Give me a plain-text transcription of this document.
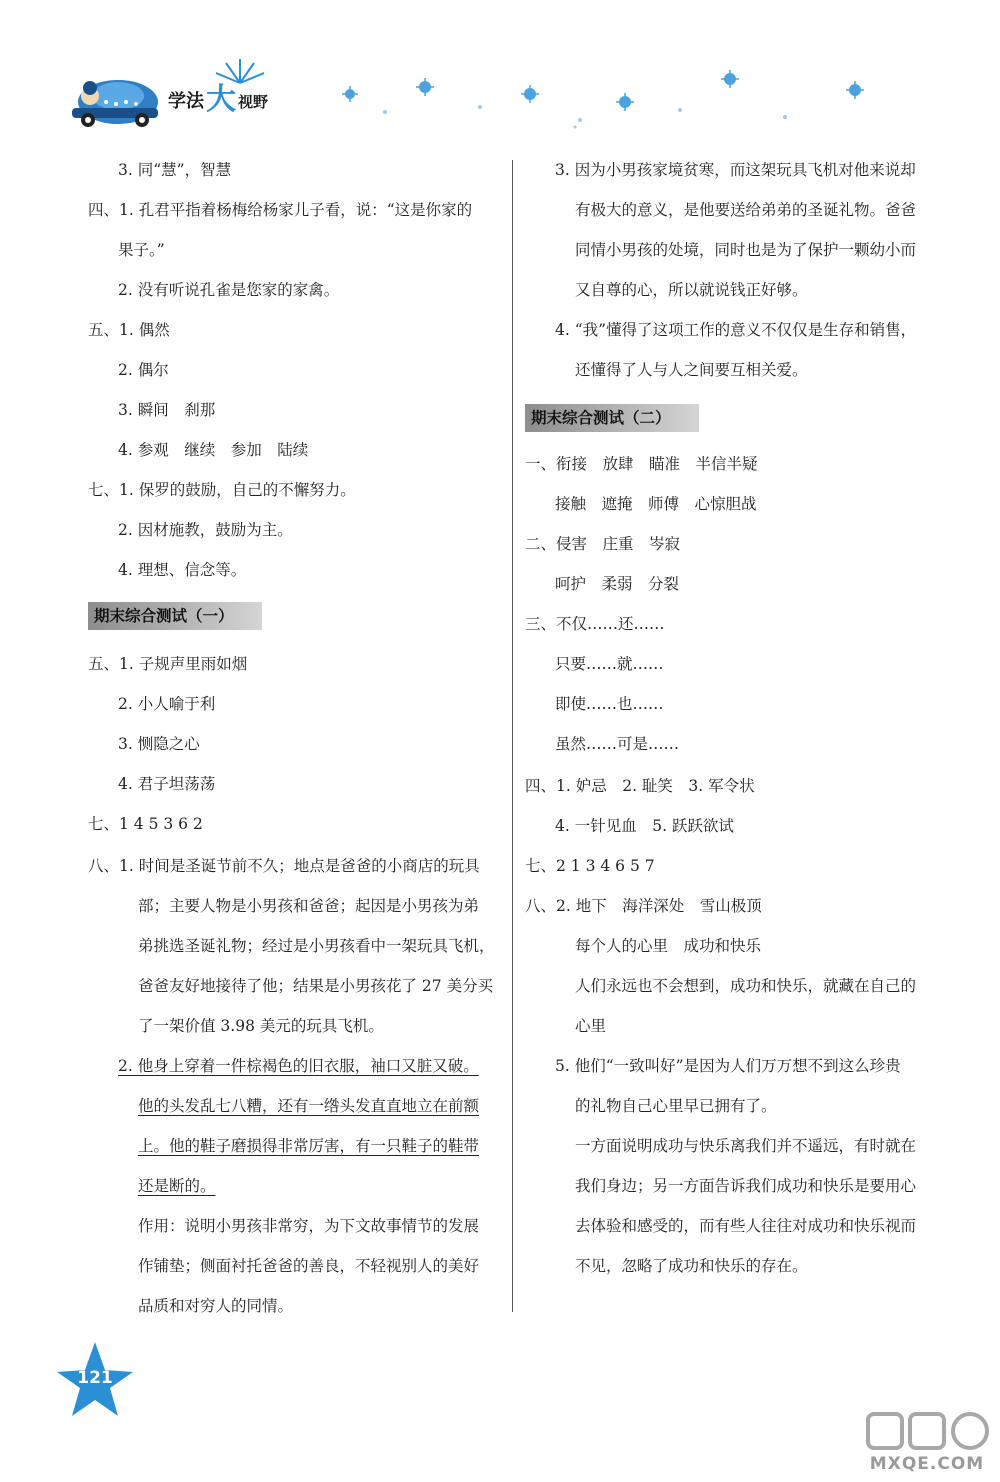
学法大 视野
3. 同“慧”，智慧
四、1. 孔君平指着杨梅给杨家儿子看，说：“这是你家的
果子。”
2. 没有听说孔雀是您家的家禽。
五、1. 偶然
2. 偶尔
3. 瞬间　刹那
4. 参观　继续　参加　陆续
七、1. 保罗的鼓励，自己的不懈努力。
2. 因材施教，鼓励为主。
4. 理想、信念等。
期末综合测试（一）
五、1. 子规声里雨如烟
2. 小人喻于利
3. 恻隐之心
4. 君子坦荡荡
七、1 4 5 3 6 2
八、1. 时间是圣诞节前不久；地点是爸爸的小商店的玩具
部；主要人物是小男孩和爸爸；起因是小男孩为弟
弟挑选圣诞礼物；经过是小男孩看中一架玩具飞机，
爸爸友好地接待了他；结果是小男孩花了 27 美分买
了一架价值 3.98 美元的玩具飞机。
2. 他身上穿着一件棕褐色的旧衣服，袖口又脏又破。
他的头发乱七八糟，还有一绺头发直直地立在前额
上。他的鞋子磨损得非常厉害，有一只鞋子的鞋带
还是断的。
作用：说明小男孩非常穷，为下文故事情节的发展
作铺垫；侧面衬托爸爸的善良，不轻视别人的美好
品质和对穷人的同情。
3. 因为小男孩家境贫寒，而这架玩具飞机对他来说却
有极大的意义，是他要送给弟弟的圣诞礼物。爸爸
同情小男孩的处境，同时也是为了保护一颗幼小而
又自尊的心，所以就说钱正好够。
4. “我”懂得了这项工作的意义不仅仅是生存和销售，
还懂得了人与人之间要互相关爱。
期末综合测试（二）
一、衔接　放肆　瞄准　半信半疑
接触　遮掩　师傅　心惊胆战
二、侵害　庄重　岑寂
呵护　柔弱　分裂
三、不仅……还……
只要……就……
即使……也……
虽然……可是……
四、1. 妒忌　2. 耻笑　3. 军令状
4. 一针见血　5. 跃跃欲试
七、2 1 3 4 6 5 7
八、2. 地下　海洋深处　雪山极顶
每个人的心里　成功和快乐
人们永远也不会想到，成功和快乐，就藏在自己的
心里
5. 他们“一致叫好”是因为人们万万想不到这么珍贵
的礼物自己心里早已拥有了。
一方面说明成功与快乐离我们并不遥远，有时就在
我们身边；另一方面告诉我们成功和快乐是要用心
去体验和感受的，而有些人往往对成功和快乐视而
不见，忽略了成功和快乐的存在。
121
MXQE.COM
